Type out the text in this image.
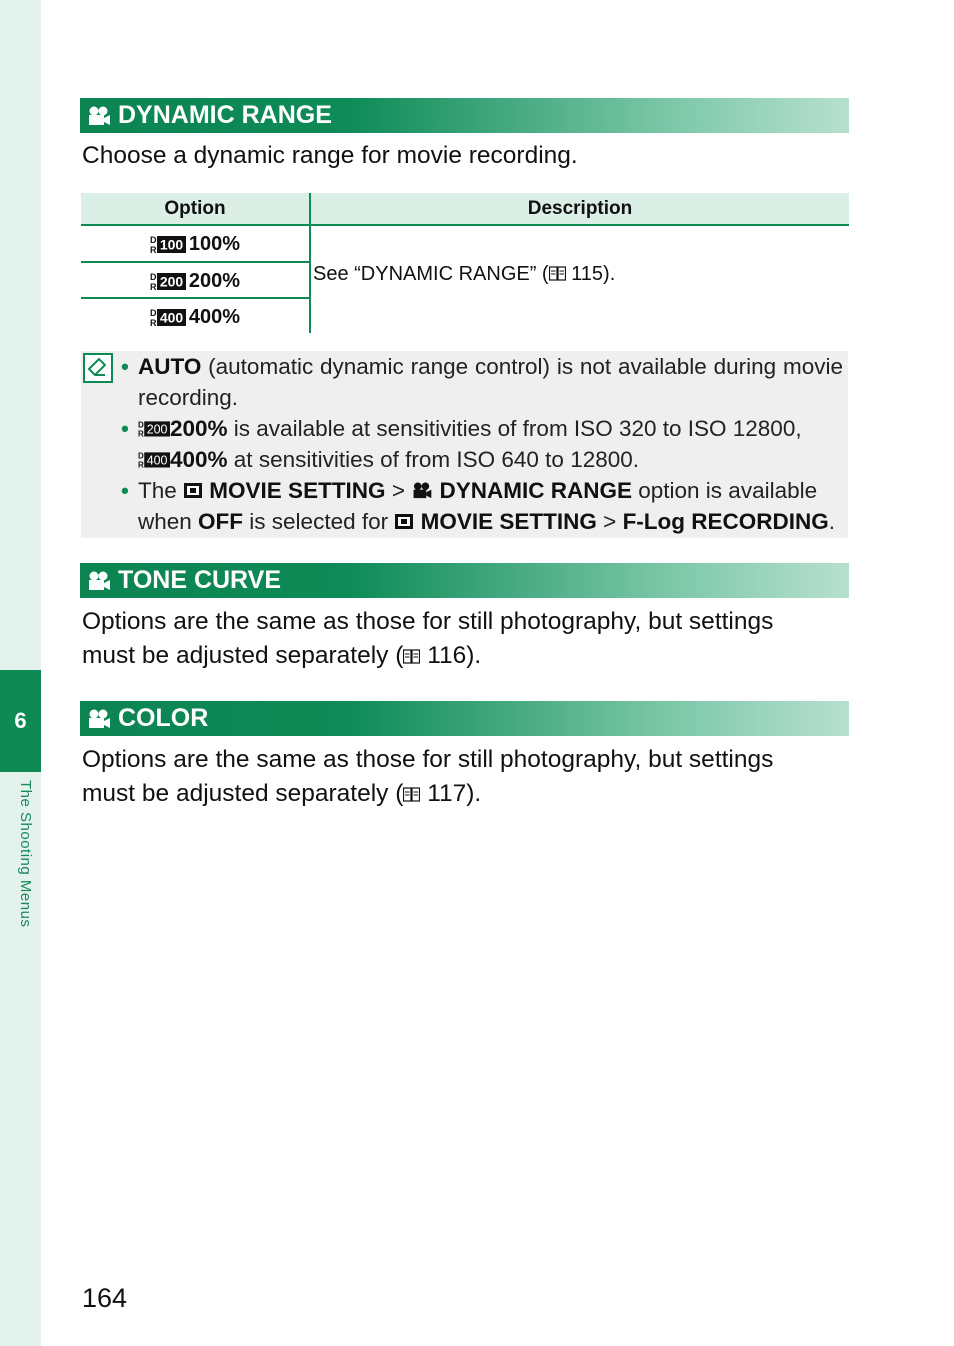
6
The Shooting Menus
DYNAMIC RANGE
Choose a dynamic range for movie recording.
Option	Description
D
R 100 100%
D
R 200 200%
D
R 400 400%
See “DYNAMIC RANGE” ( 115).
• AUTO (automatic dynamic range control) is not available during movie recording.
• D
R 200 200% is available at sensitivities of from ISO 320 to ISO 12800,

D
R 400 400% at sensitivities of from ISO 640 to 12800.
• The  MOVIE SETTING >  DYNAMIC RANGE option is available when OFF is selected for  MOVIE SETTING > F-Log RECORDING.
TONE CURVE
Options are the same as those for still photography, but settings
must be adjusted separately ( 116).
COLOR
Options are the same as those for still photography, but settings
must be adjusted separately ( 117).
164
